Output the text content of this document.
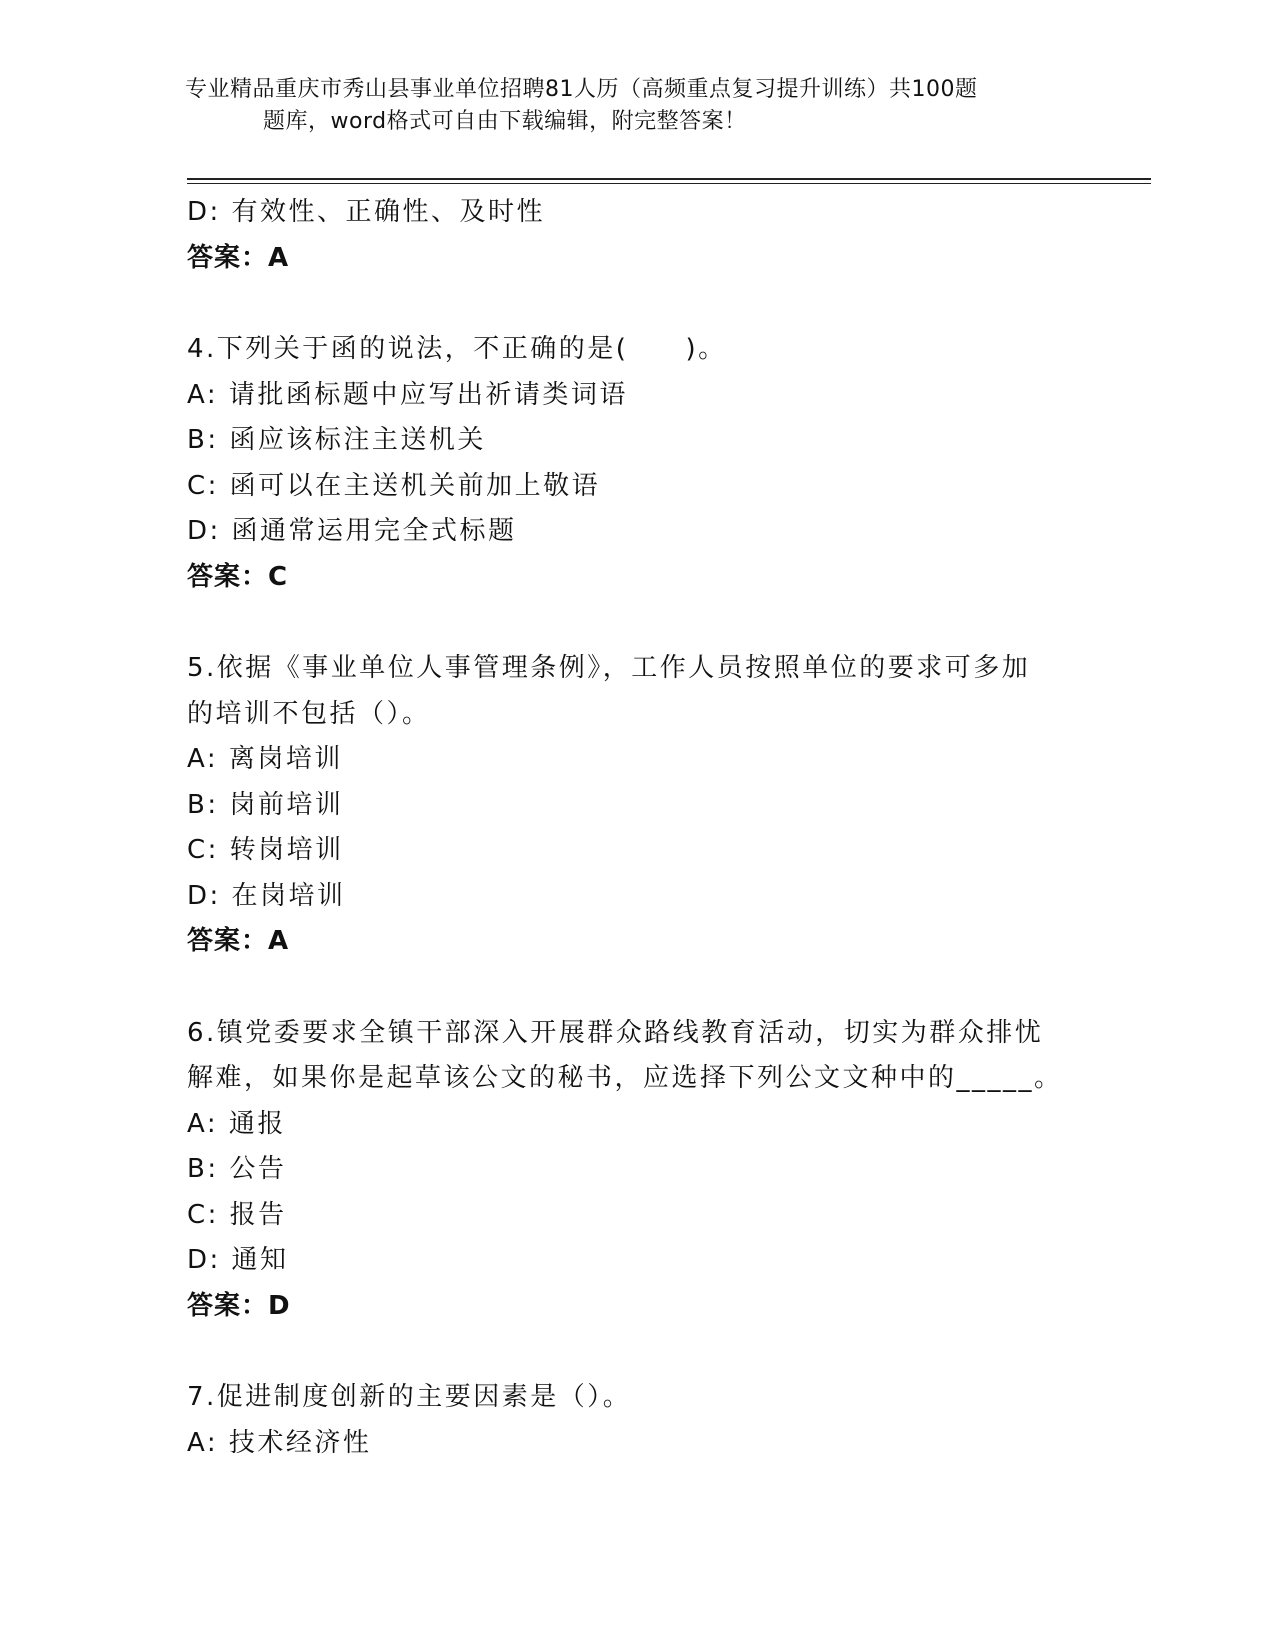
专业精品重庆市秀山县事业单位招聘81人历（高频重点复习提升训练）共100题
题库，word格式可自由下载编辑，附完整答案！
D: 有效性、正确性、及时性
答案：A
4.下列关于函的说法，不正确的是(　　)。
A: 请批函标题中应写出祈请类词语
B: 函应该标注主送机关
C: 函可以在主送机关前加上敬语
D: 函通常运用完全式标题
答案：C
5.依据《事业单位人事管理条例》，工作人员按照单位的要求可多加
的培训不包括（）。
A: 离岗培训
B: 岗前培训
C: 转岗培训
D: 在岗培训
答案：A
6.镇党委要求全镇干部深入开展群众路线教育活动，切实为群众排忧
解难，如果你是起草该公文的秘书，应选择下列公文文种中的_____。
A: 通报
B: 公告
C: 报告
D: 通知
答案：D
7.促进制度创新的主要因素是（）。
A: 技术经济性
